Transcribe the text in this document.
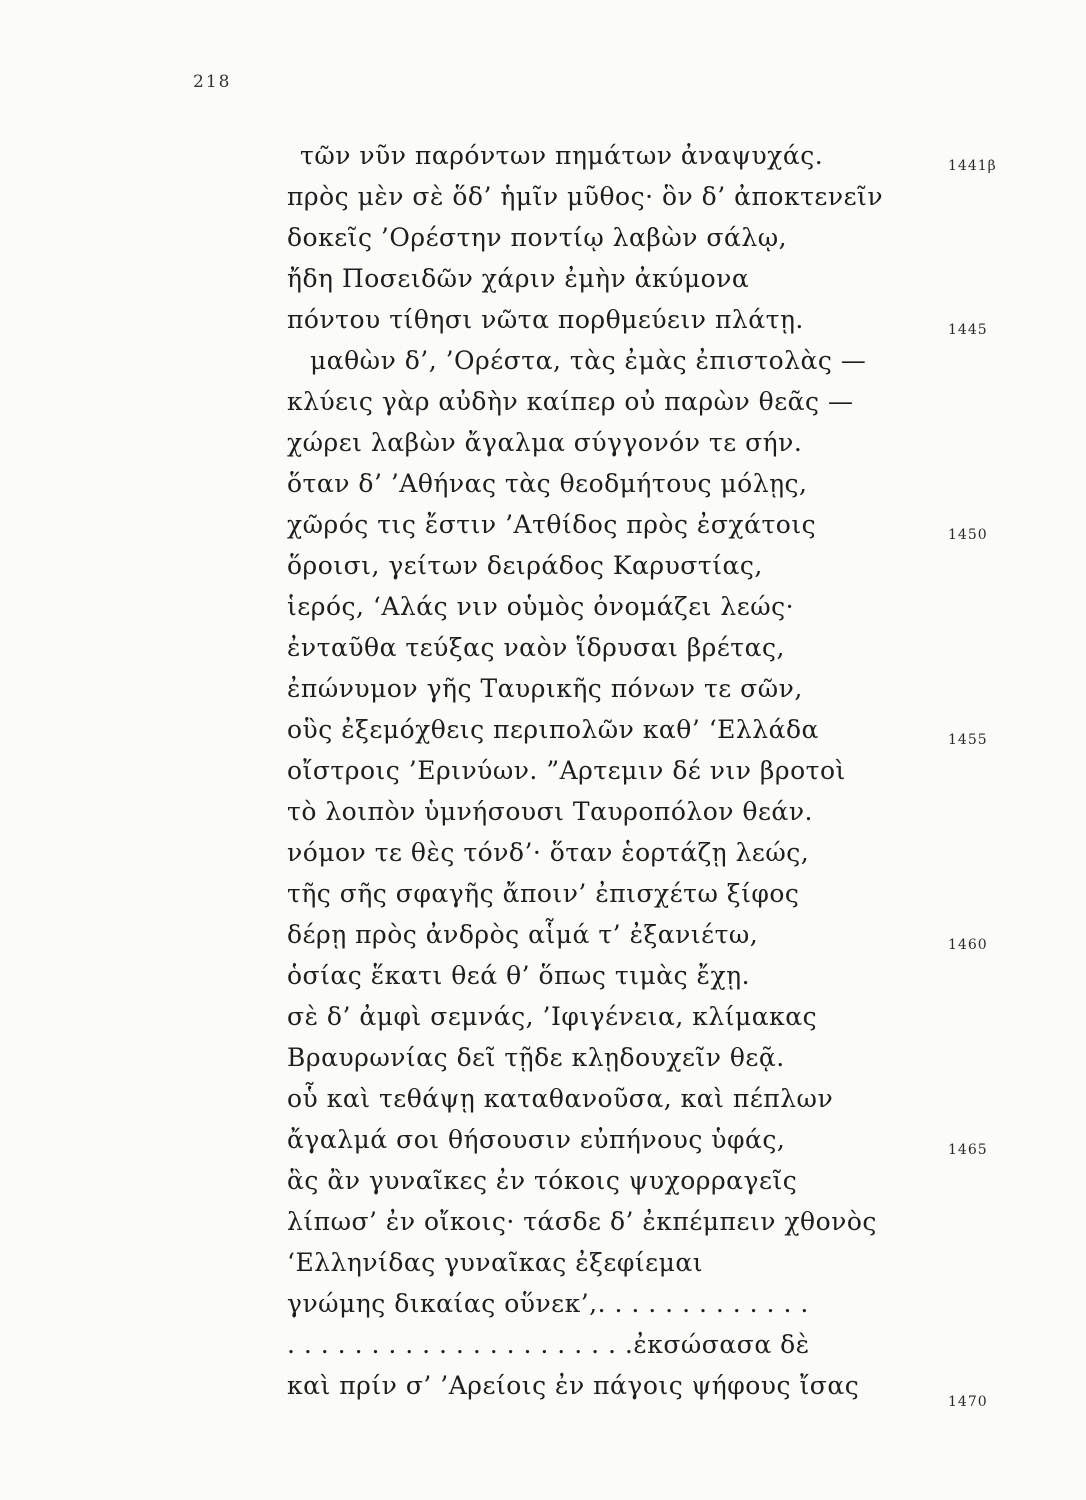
218
τῶν νῦν παρόντων πημάτων ἀναψυχάς.	1441β
πρὸς μὲν σὲ ὅδ’ ἡμῖν μῦθος· ὃν δ’ ἀποκτενεῖν
δοκεῖς ’Ορέστην ποντίῳ λαβὼν σάλῳ,
ἤδη Ποσειδῶν χάριν ἐμὴν ἀκύμονα
πόντου τίθησι νῶτα πορθμεύειν πλάτῃ.	1445
μαθὼν δ’, ’Ορέστα, τὰς ἐμὰς ἐπιστολὰς —
κλύεις γὰρ αὐδὴν καίπερ οὐ παρὼν θεᾶς —
χώρει λαβὼν ἄγαλμα σύγγονόν τε σήν.
ὅταν δ’ ’Αθήνας τὰς θεοδμήτους μόλῃς,
χῶρός τις ἔστιν ’Ατθίδος πρὸς ἐσχάτοις	1450
ὅροισι, γείτων δειράδος Καρυστίας,
ἱερός, ‘Αλάς νιν οὑμὸς ὀνομάζει λεώς·
ἐνταῦθα τεύξας ναὸν ἵδρυσαι βρέτας,
ἐπώνυμον γῆς Ταυρικῆς πόνων τε σῶν,
οὓς ἐξεμόχθεις περιπολῶν καθ’ ‘Ελλάδα	1455
οἴστροις ’Ερινύων. ”Αρτεμιν δέ νιν βροτοὶ
τὸ λοιπὸν ὑμνήσουσι Ταυροπόλον θεάν.
νόμον τε θὲς τόνδ’· ὅταν ἑορτάζῃ λεώς,
τῆς σῆς σφαγῆς ἄποιν’ ἐπισχέτω ξίφος
δέρῃ πρὸς ἀνδρὸς αἷμά τ’ ἐξανιέτω,	1460
ὁσίας ἕκατι θεά θ’ ὅπως τιμὰς ἔχῃ.
σὲ δ’ ἀμφὶ σεμνάς, ’Ιφιγένεια, κλίμακας
Βραυρωνίας δεῖ τῇδε κλῃδουχεῖν θεᾷ.
οὗ καὶ τεθάψῃ καταθανοῦσα, καὶ πέπλων
ἄγαλμά σοι θήσουσιν εὐπήνους ὑφάς,	1465
ἃς ἂν γυναῖκες ἐν τόκοις ψυχορραγεῖς
λίπωσ’ ἐν οἴκοις· τάσδε δ’ ἐκπέμπειν χθονὸς
‘Ελληνίδας γυναῖκας ἐξεφίεμαι
γνώμης δικαίας οὕνεκ’,. . . . . . . . . . . . .
. . . . . . . . . . . . . . . . . . . . .ἐκσώσασα δὲ
καὶ πρίν σ’ ’Αρείοις ἐν πάγοις ψήφους ἴσας
1470
